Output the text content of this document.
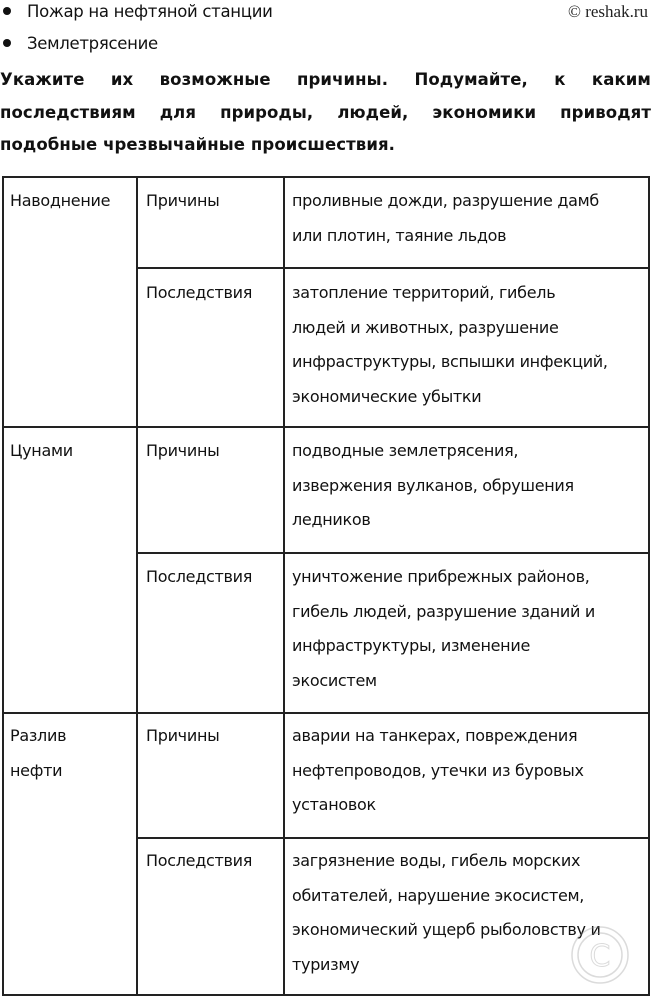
© reshak.ru
Пожар на нефтяной станции
Землетрясение
Укажите их возможные причины. Подумайте, к каким
последствиям для природы, людей, экономики приводят
подобные чрезвычайные происшествия.
Наводнение Причины	проливные дожди, разрушение дамб
или плотин, таяние льдов
Последствия затопление территорий, гибель
людей и животных, разрушение
инфраструктуры, вспышки инфекций,
экономические убытки
Цунами	Причины	подводные землетрясения,
извержения вулканов, обрушения
ледников
Последствия уничтожение прибрежных районов,
гибель людей, разрушение зданий и
инфраструктуры, изменение
экосистем
Разлив
нефти
Причины	аварии на танкерах, повреждения
нефтепроводов, утечки из буровых
установок
Последствия загрязнение воды, гибель морских
обитателей, нарушение экосистем,
экономический ущерб рыболовству и
туризму	C
